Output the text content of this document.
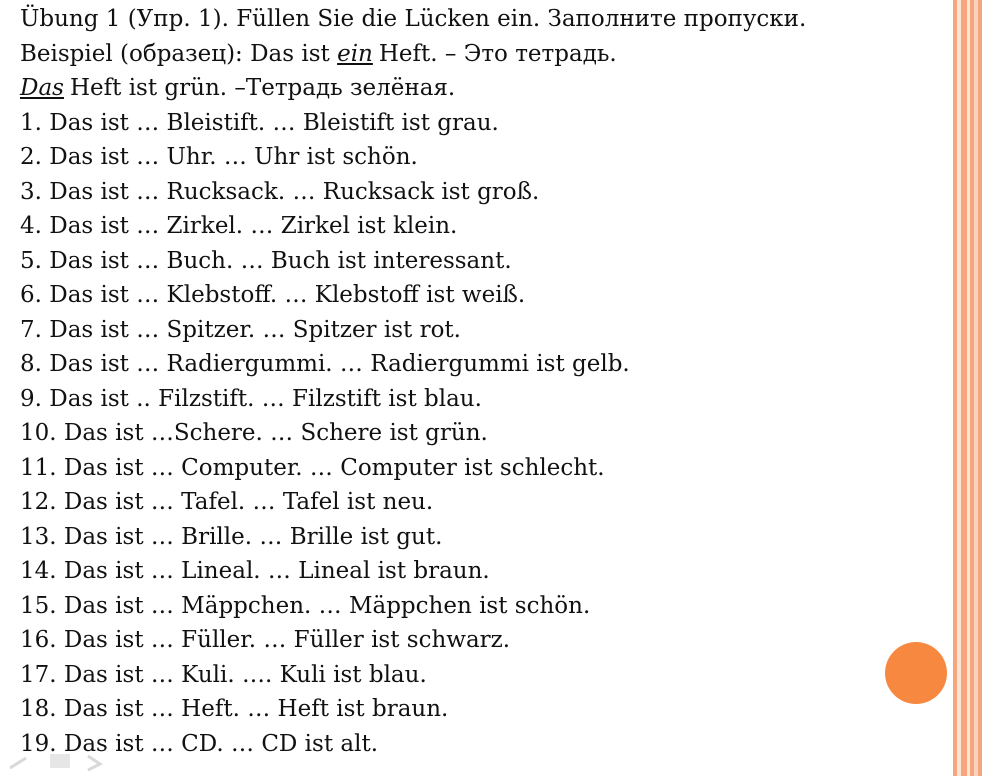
Übung 1 (Упр. 1). Füllen Sie die Lücken ein. Заполните пропуски.
Beispiel (образец): Das ist ein Heft. – Это тетрадь.
Das Heft ist grün. –Тетрадь зелёная.
1. Das ist … Bleistift. … Bleistift ist grau.
2. Das ist … Uhr. … Uhr ist schön.
3. Das ist … Rucksack. … Rucksack ist groß.
4. Das ist … Zirkel. … Zirkel ist klein.
5. Das ist … Buch. … Buch ist interessant.
6. Das ist … Klebstoff. … Klebstoff ist weiß.
7. Das ist … Spitzer. … Spitzer ist rot.
8. Das ist … Radiergummi. … Radiergummi ist gelb.
9. Das ist .. Filzstift. … Filzstift ist blau.
10. Das ist …Schere. … Schere ist grün.
11. Das ist … Computer. … Computer ist schlecht.
12. Das ist … Tafel. … Tafel ist neu.
13. Das ist … Brille. … Brille ist gut.
14. Das ist … Lineal. … Lineal ist braun.
15. Das ist … Mäppchen. … Mäppchen ist schön.
16. Das ist … Füller. … Füller ist schwarz.
17. Das ist … Kuli. …. Kuli ist blau.
18. Das ist … Heft. … Heft ist braun.
19. Das ist … CD. … CD ist alt.
